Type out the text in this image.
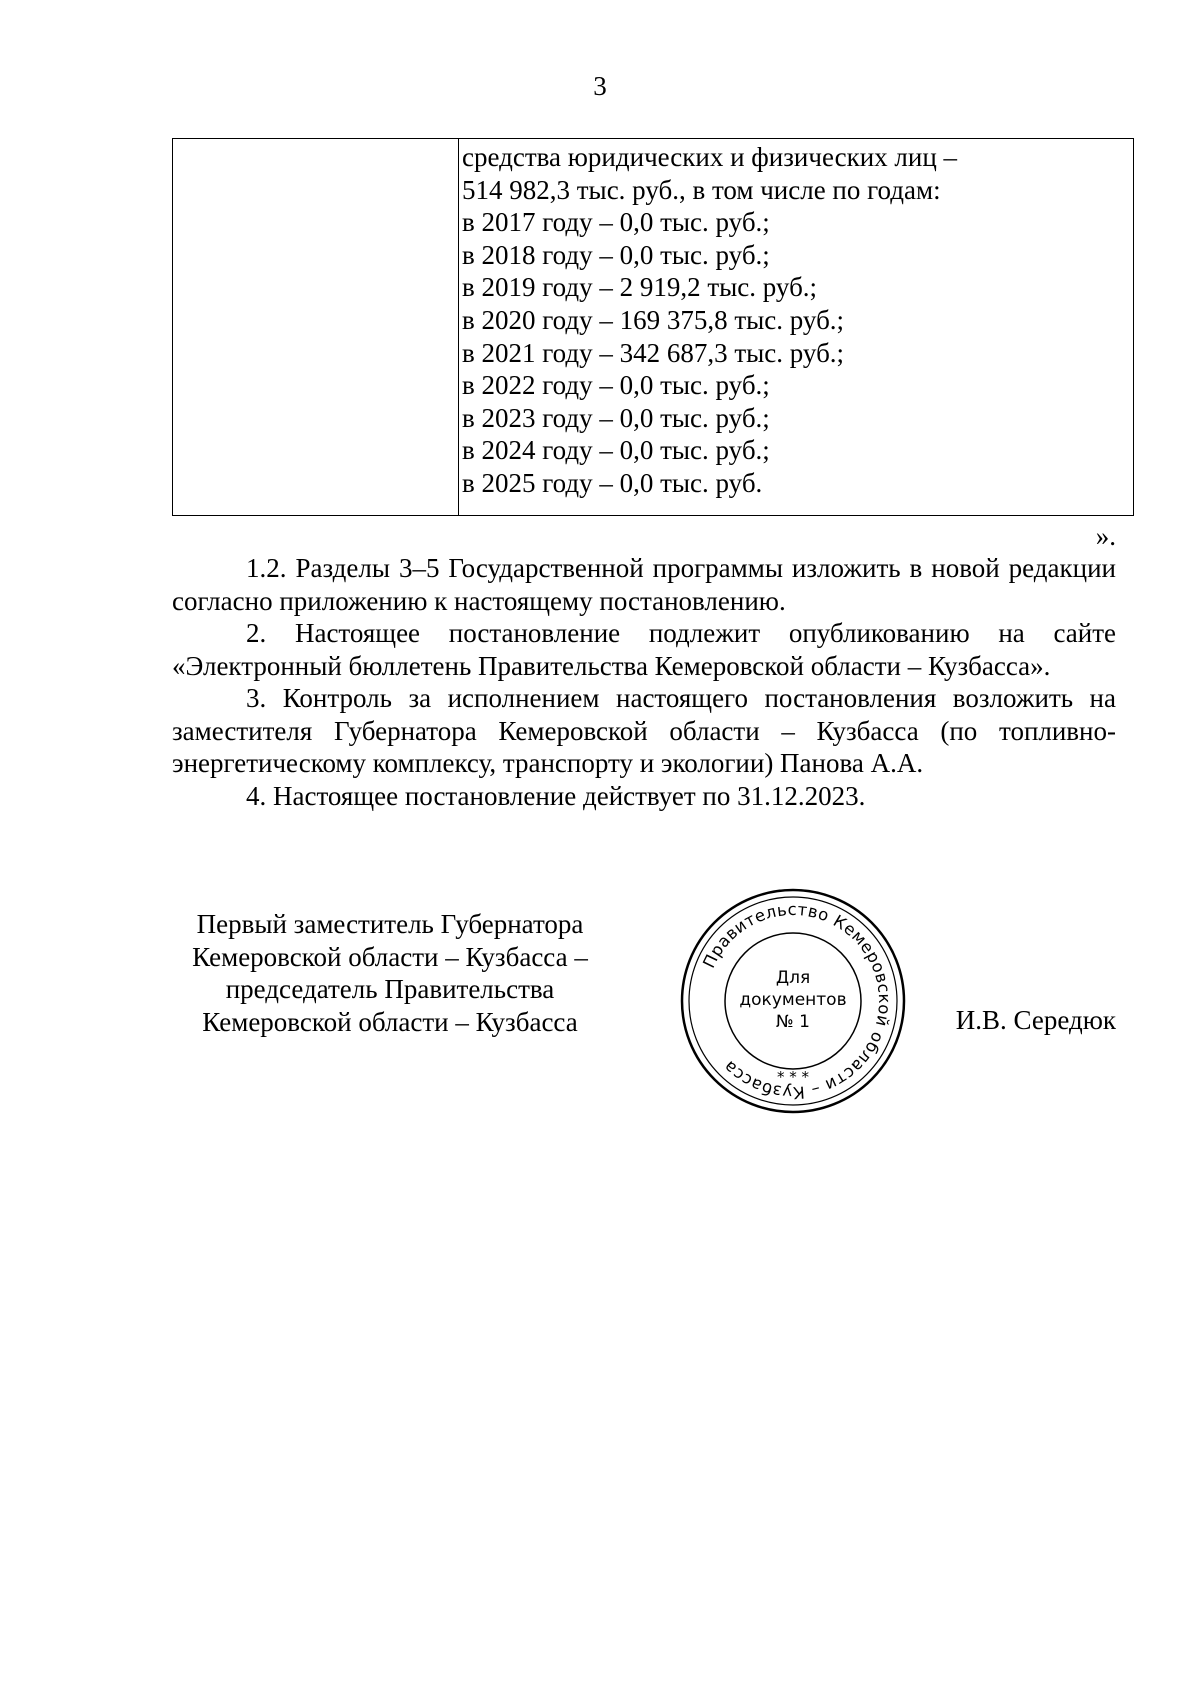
3

средства юридических и физических лиц –
514 982,3 тыс. руб., в том числе по годам:
в 2017 году – 0,0 тыс. руб.;
в 2018 году – 0,0 тыс. руб.;
в 2019 году – 2 919,2 тыс. руб.;
в 2020 году – 169 375,8 тыс. руб.;
в 2021 году – 342 687,3 тыс. руб.;
в 2022 году – 0,0 тыс. руб.;
в 2023 году – 0,0 тыс. руб.;
в 2024 году – 0,0 тыс. руб.;
в 2025 году – 0,0 тыс. руб.
».

1.2. Разделы 3–5 Государственной программы изложить в новой редакции согласно приложению к настоящему постановлению.

2. Настоящее постановление подлежит опубликованию на сайте «Электронный бюллетень Правительства Кемеровской области – Кузбасса».

3. Контроль за исполнением настоящего постановления возложить на заместителя Губернатора Кемеровской области – Кузбасса (по топливно-энергетическому комплексу, транспорту и экологии) Панова А.А.

4. Настоящее постановление действует по 31.12.2023.

Первый заместитель Губернатора
Кемеровской области – Кузбасса –
председатель Правительства
Кемеровской области – Кузбасса
Правительство Кемеровской области – Кузбасса
Для
документов
№ 1
* * *
И.В. Середюк
